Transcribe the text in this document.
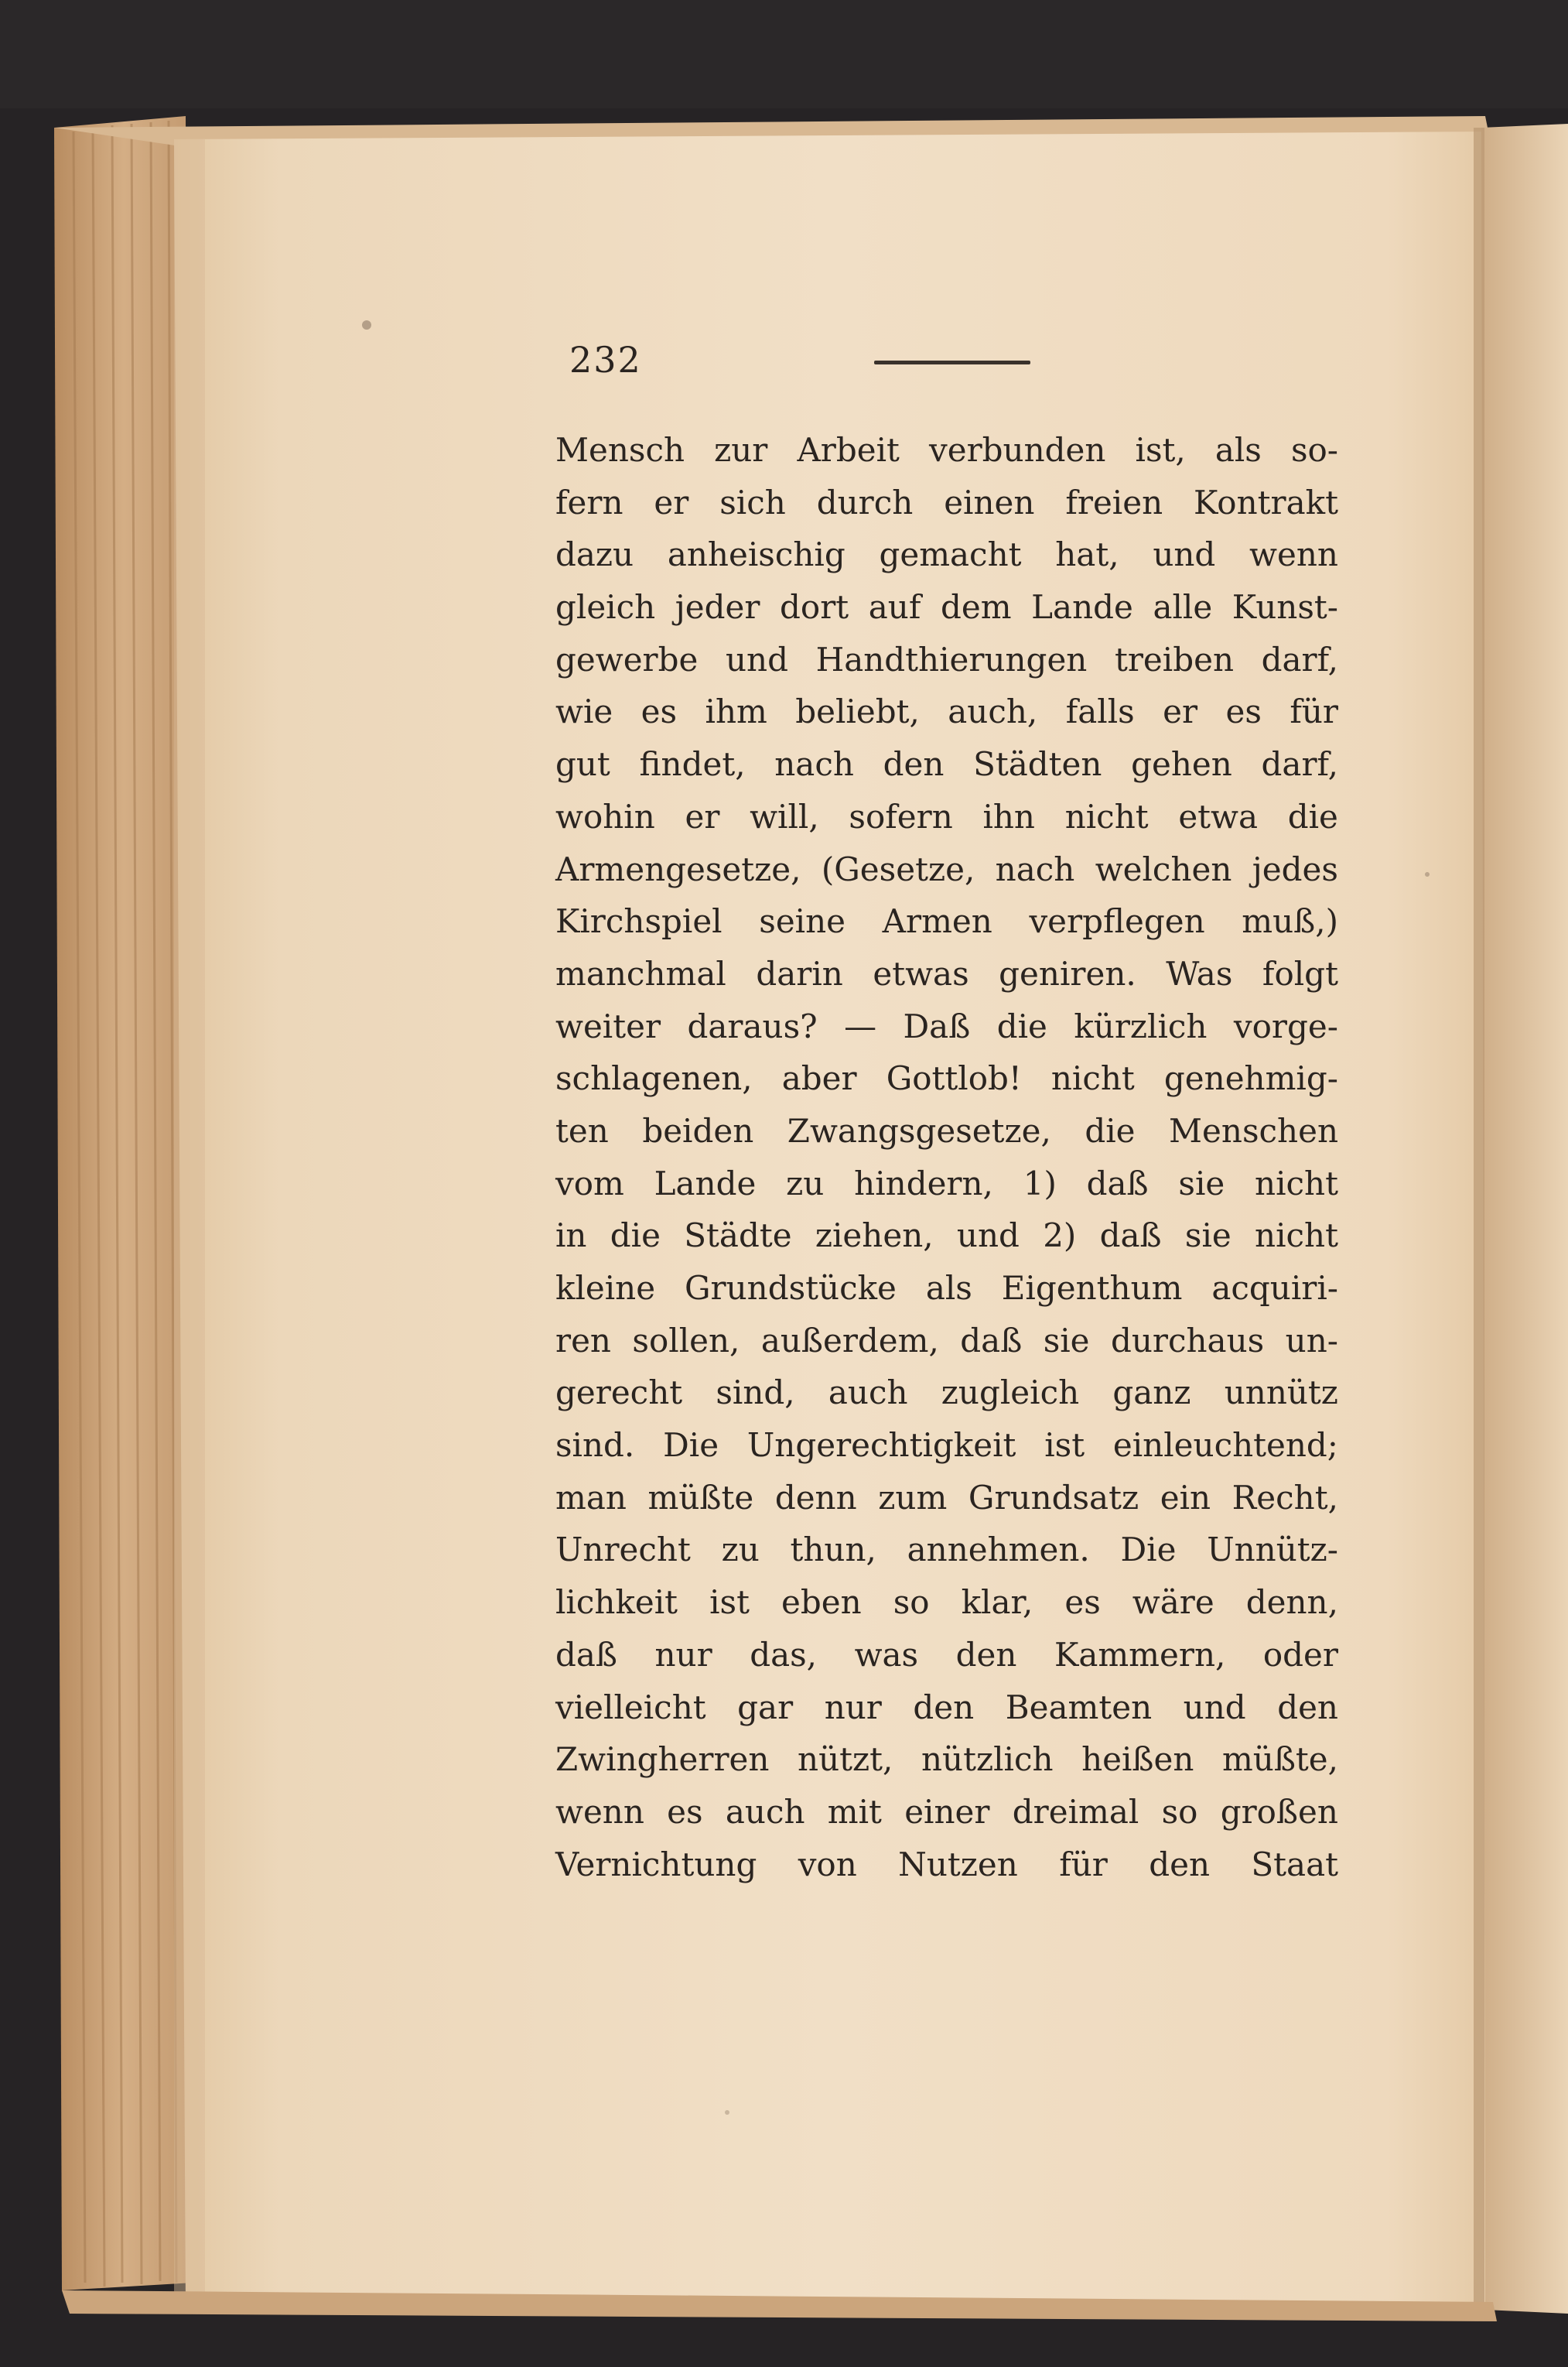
232
Mensch zur Arbeit verbunden ist, als so-
fern er sich durch einen freien Kontrakt
dazu anheischig gemacht hat, und wenn
gleich jeder dort auf dem Lande alle Kunst-
gewerbe und Handthierungen treiben darf,
wie es ihm beliebt, auch, falls er es für
gut findet, nach den Städten gehen darf,
wohin er will, sofern ihn nicht etwa die
Armengesetze, (Gesetze, nach welchen jedes
Kirchspiel seine Armen verpflegen muß,)
manchmal darin etwas geniren. Was folgt
weiter daraus? — Daß die kürzlich vorge-
schlagenen, aber Gottlob! nicht genehmig-
ten beiden Zwangsgesetze, die Menschen
vom Lande zu hindern, 1) daß sie nicht
in die Städte ziehen, und 2) daß sie nicht
kleine Grundstücke als Eigenthum acquiri-
ren sollen, außerdem, daß sie durchaus un-
gerecht sind, auch zugleich ganz unnütz
sind. Die Ungerechtigkeit ist einleuchtend;
man müßte denn zum Grundsatz ein Recht,
Unrecht zu thun, annehmen. Die Unnütz-
lichkeit ist eben so klar, es wäre denn,
daß nur das, was den Kammern, oder
vielleicht gar nur den Beamten und den
Zwingherren nützt, nützlich heißen müßte,
wenn es auch mit einer dreimal so großen
Vernichtung von Nutzen für den Staat
